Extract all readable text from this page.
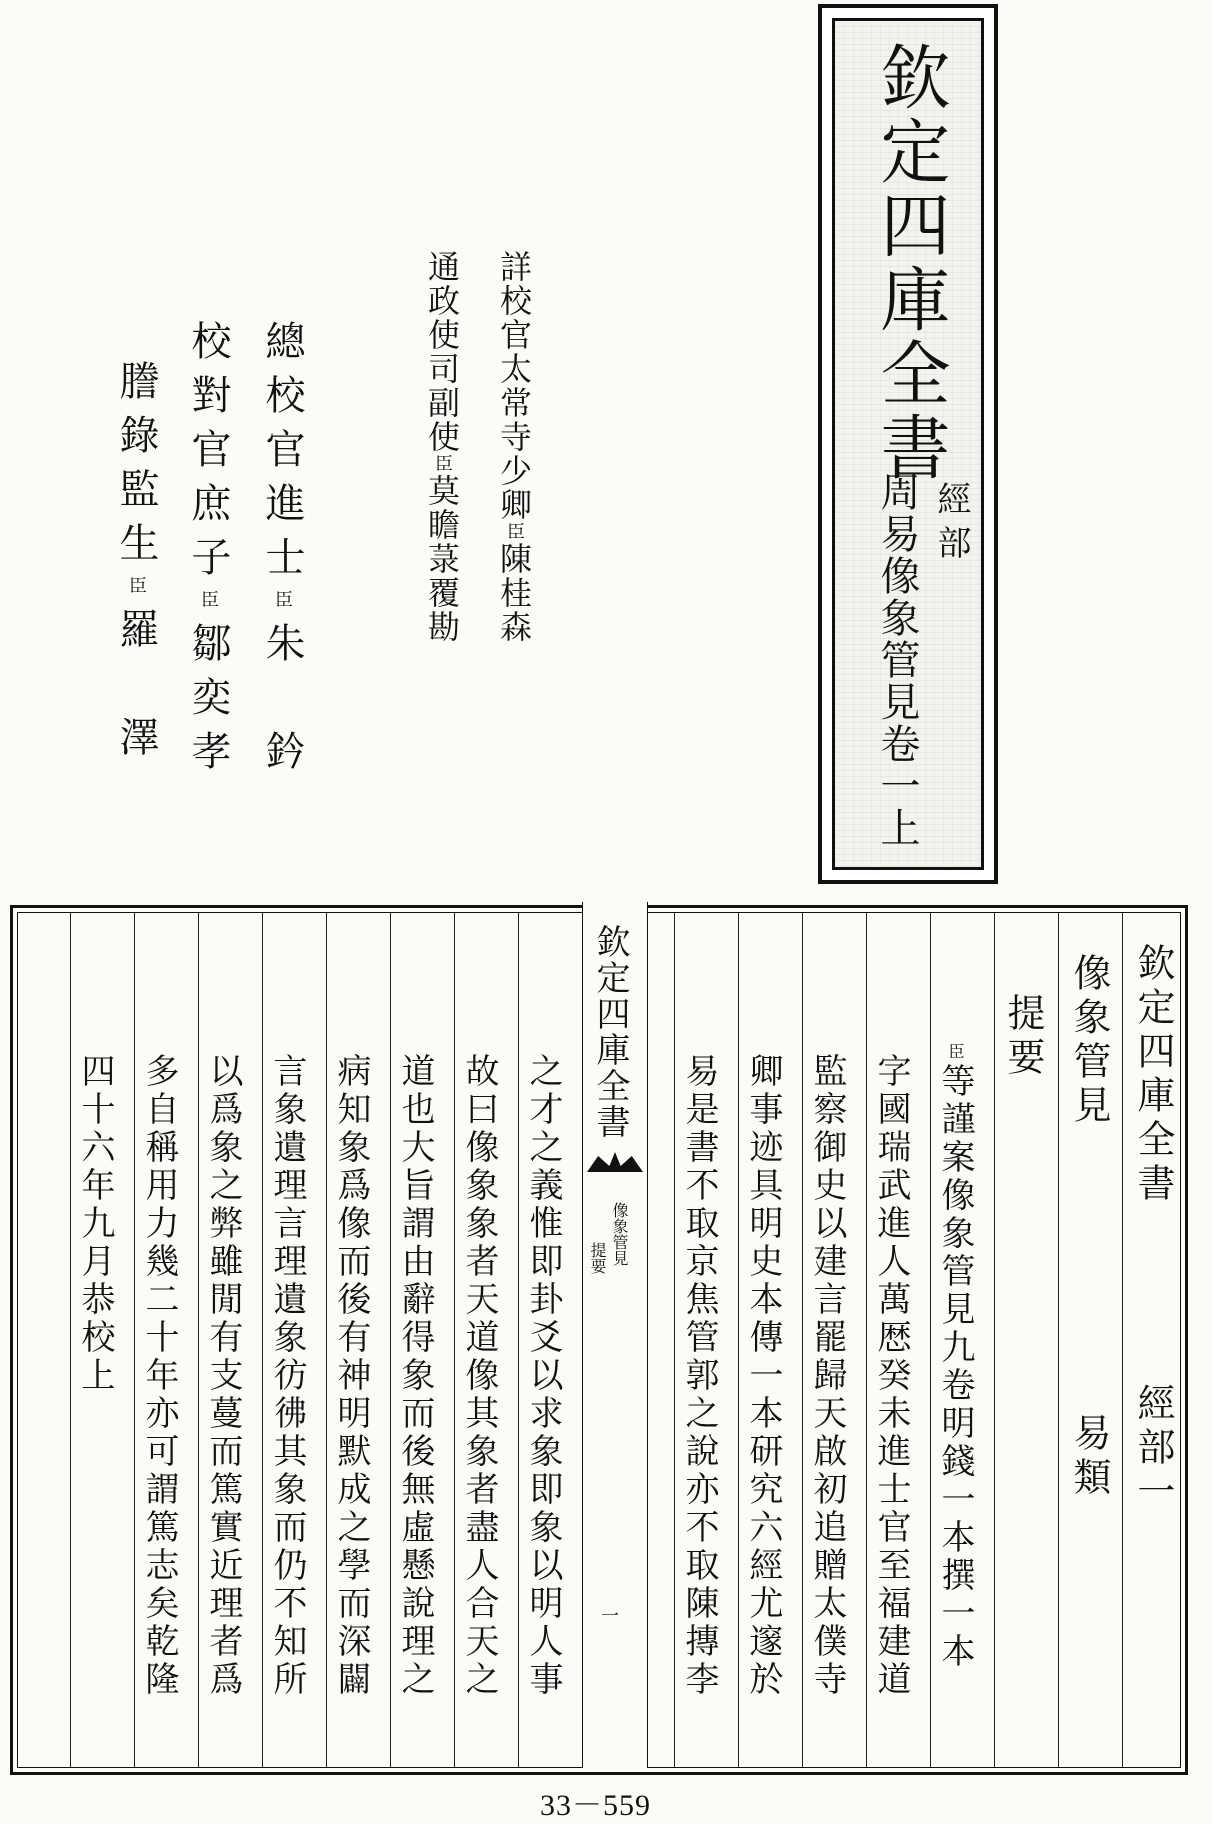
欽定四庫全書
經部
周易像象管見卷一上
詳校官太常寺少卿臣陳桂森
通政使司副使臣莫瞻菉覆勘
總校官進士臣朱　鈐
校對官庶子臣鄒奕孝
謄錄監生臣羅　澤
欽定四庫全書
經部一
像象管見
易類
提要
臣等謹案像象管見九卷明錢一本撰一本
字國瑞武進人萬厯癸未進士官至福建道
監察御史以建言罷歸天啟初追贈太僕寺
卿事迹具明史本傳一本研究六經尤邃於
易是書不取京焦管郭之說亦不取陳摶李
之才之義惟即卦爻以求象即象以明人事
故曰像象象者天道像其象者盡人合天之
道也大旨謂由辭得象而後無虛懸說理之
病知象爲像而後有神明默成之學而深闢
言象遺理言理遺象彷彿其象而仍不知所
以爲象之弊雖閒有支蔓而篤實近理者爲
多自稱用力幾二十年亦可謂篤志矣乾隆
四十六年九月恭校上
欽定四庫全書
像象管見
提要
一
33－559
